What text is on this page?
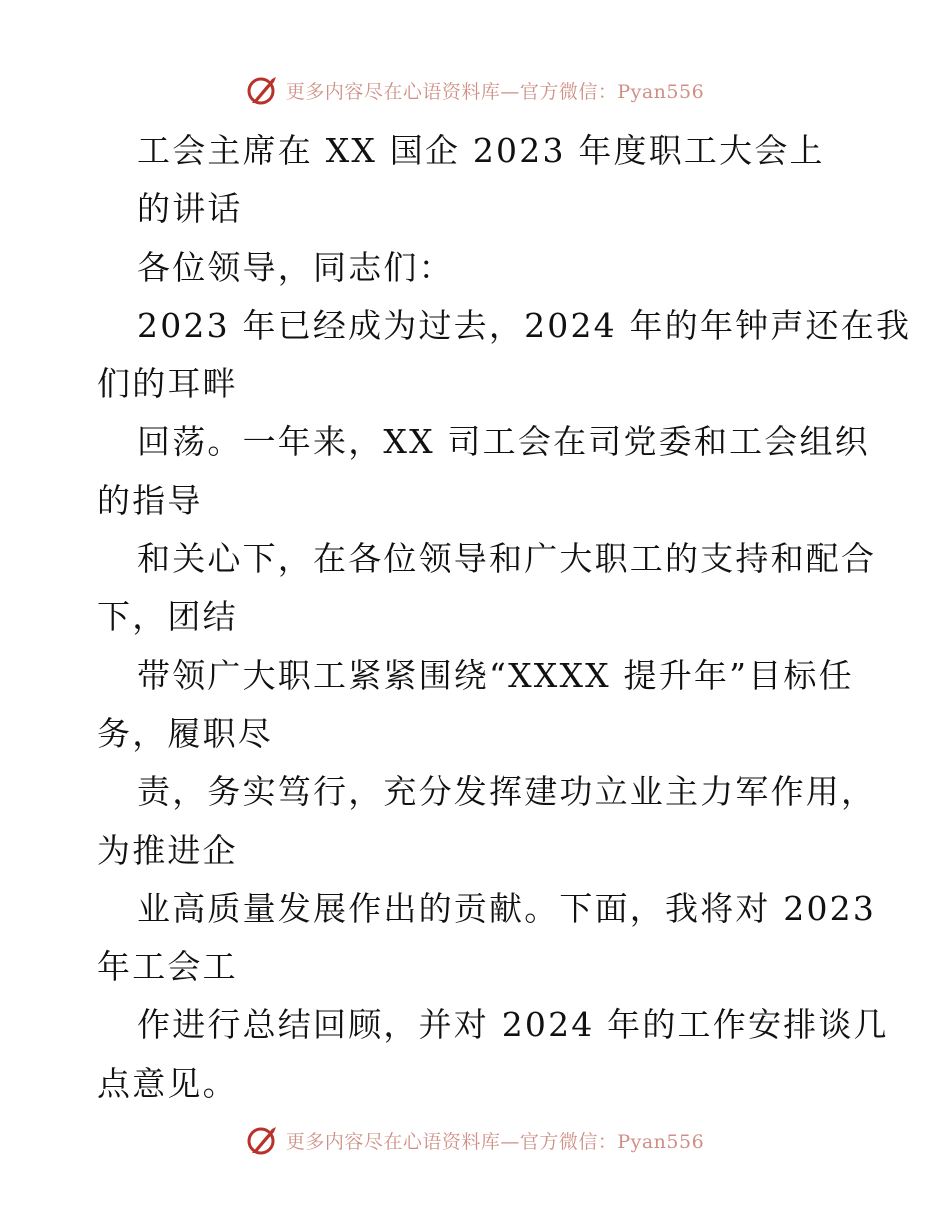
更多内容尽在心语资料库—官方微信：Pyan556
工会主席在 XX 国企 2023 年度职工大会上
的讲话
各位领导，同志们：
2023 年已经成为过去，2024 年的年钟声还在我
们的耳畔
回荡。一年来，XX 司工会在司党委和工会组织
的指导
和关心下，在各位领导和广大职工的支持和配合
下，团结
带领广大职工紧紧围绕“XXXX 提升年”目标任
务，履职尽
责，务实笃行，充分发挥建功立业主力军作用，
为推进企
业高质量发展作出的贡献。下面，我将对 2023
年工会工
作进行总结回顾，并对 2024 年的工作安排谈几
点意见。
更多内容尽在心语资料库—官方微信：Pyan556
